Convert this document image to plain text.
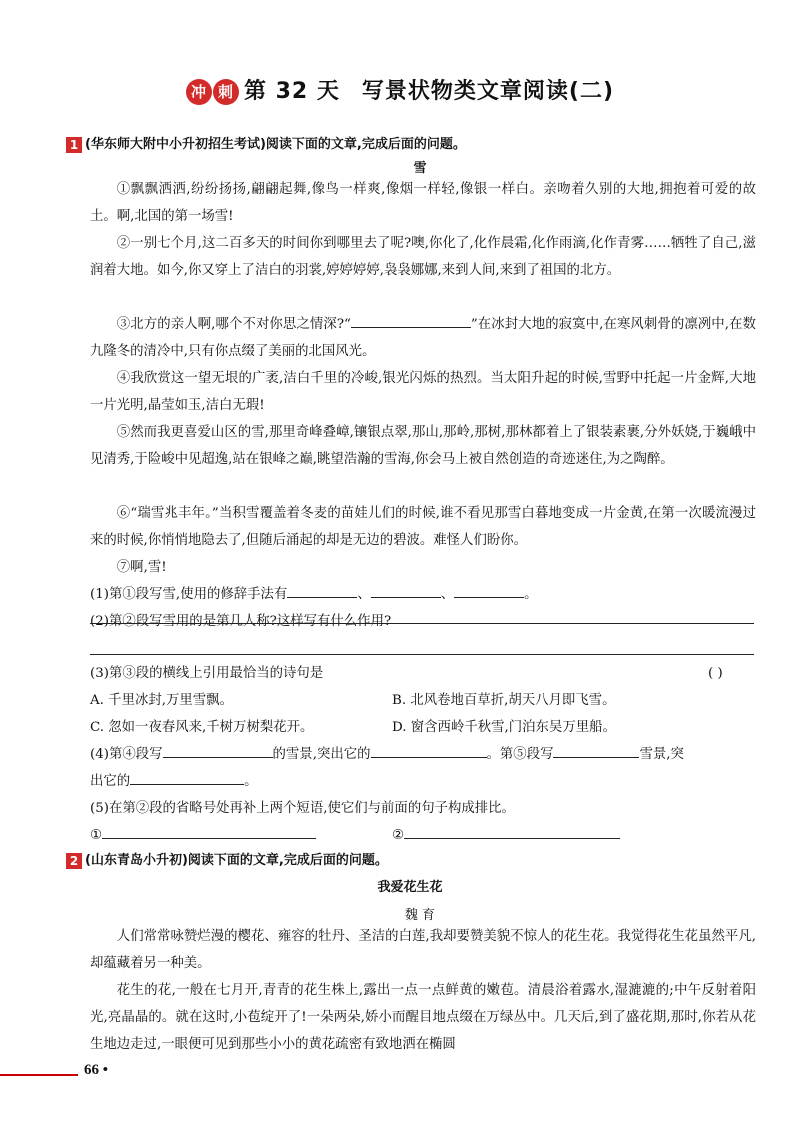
冲 刺 第 32 天 写景状物类文章阅读(二)
1 (华东师大附中小升初招生考试)阅读下面的文章,完成后面的问题。
雪
①飘飘洒洒,纷纷扬扬,翩翩起舞,像鸟一样爽,像烟一样轻,像银一样白。亲吻着久别的大地,拥抱着可爱的故土。啊,北国的第一场雪!
②一别七个月,这二百多天的时间你到哪里去了呢?噢,你化了,化作晨霜,化作雨滴,化作青雾……牺牲了自己,滋润着大地。如今,你又穿上了洁白的羽裳,婷婷婷婷,袅袅娜娜,来到人间,来到了祖国的北方。
③北方的亲人啊,哪个不对你思之情深?“	”在冰封大地的寂寞中,在寒风刺骨的凛冽中,在数九隆冬的清冷中,只有你点缀了美丽的北国风光。
④我欣赏这一望无垠的广袤,洁白千里的冷峻,银光闪烁的热烈。当太阳升起的时候,雪野中托起一片金辉,大地一片光明,晶莹如玉,洁白无瑕!
⑤然而我更喜爱山区的雪,那里奇峰叠嶂,镶银点翠,那山,那岭,那树,那林都着上了银装素裹,分外妖娆,于巍峨中见清秀,于险峻中见超逸,站在银峰之巅,眺望浩瀚的雪海,你会马上被自然创造的奇迹迷住,为之陶醉。
⑥“瑞雪兆丰年。”当积雪覆盖着冬麦的苗娃儿们的时候,谁不看见那雪白暮地变成一片金黄,在第一次暖流漫过来的时候,你悄悄地隐去了,但随后涌起的却是无边的碧波。难怪人们盼你。
⑦啊,雪!
(1)第①段写雪,使用的修辞手法有	、	、	。
(2)第②段写雪用的是第几人称?这样写有什么作用?
(3)第③段的横线上引用最恰当的诗句是	( )
A. 千里冰封,万里雪飘。	B. 北风卷地百草折,胡天八月即飞雪。
C. 忽如一夜春风来,千树万树梨花开。	D. 窗含西岭千秋雪,门泊东吴万里船。
(4)第④段写	的雪景,突出它的	。第⑤段写	雪景,突
出它的	。
(5)在第②段的省略号处再补上两个短语,使它们与前面的句子构成排比。
①	②
2 (山东青岛小升初)阅读下面的文章,完成后面的问题。
我爱花生花
魏 育
人们常常咏赞烂漫的樱花、雍容的牡丹、圣洁的白莲,我却要赞美貌不惊人的花生花。我觉得花生花虽然平凡,却蕴藏着另一种美。
花生的花,一般在七月开,青青的花生株上,露出一点一点鲜黄的嫩苞。清晨浴着露水,湿漉漉的;中午反射着阳光,亮晶晶的。就在这时,小苞绽开了!一朵两朵,娇小而醒目地点缀在万绿丛中。几天后,到了盛花期,那时,你若从花生地边走过,一眼便可见到那些小小的黄花疏密有致地洒在椭圆
66 •
